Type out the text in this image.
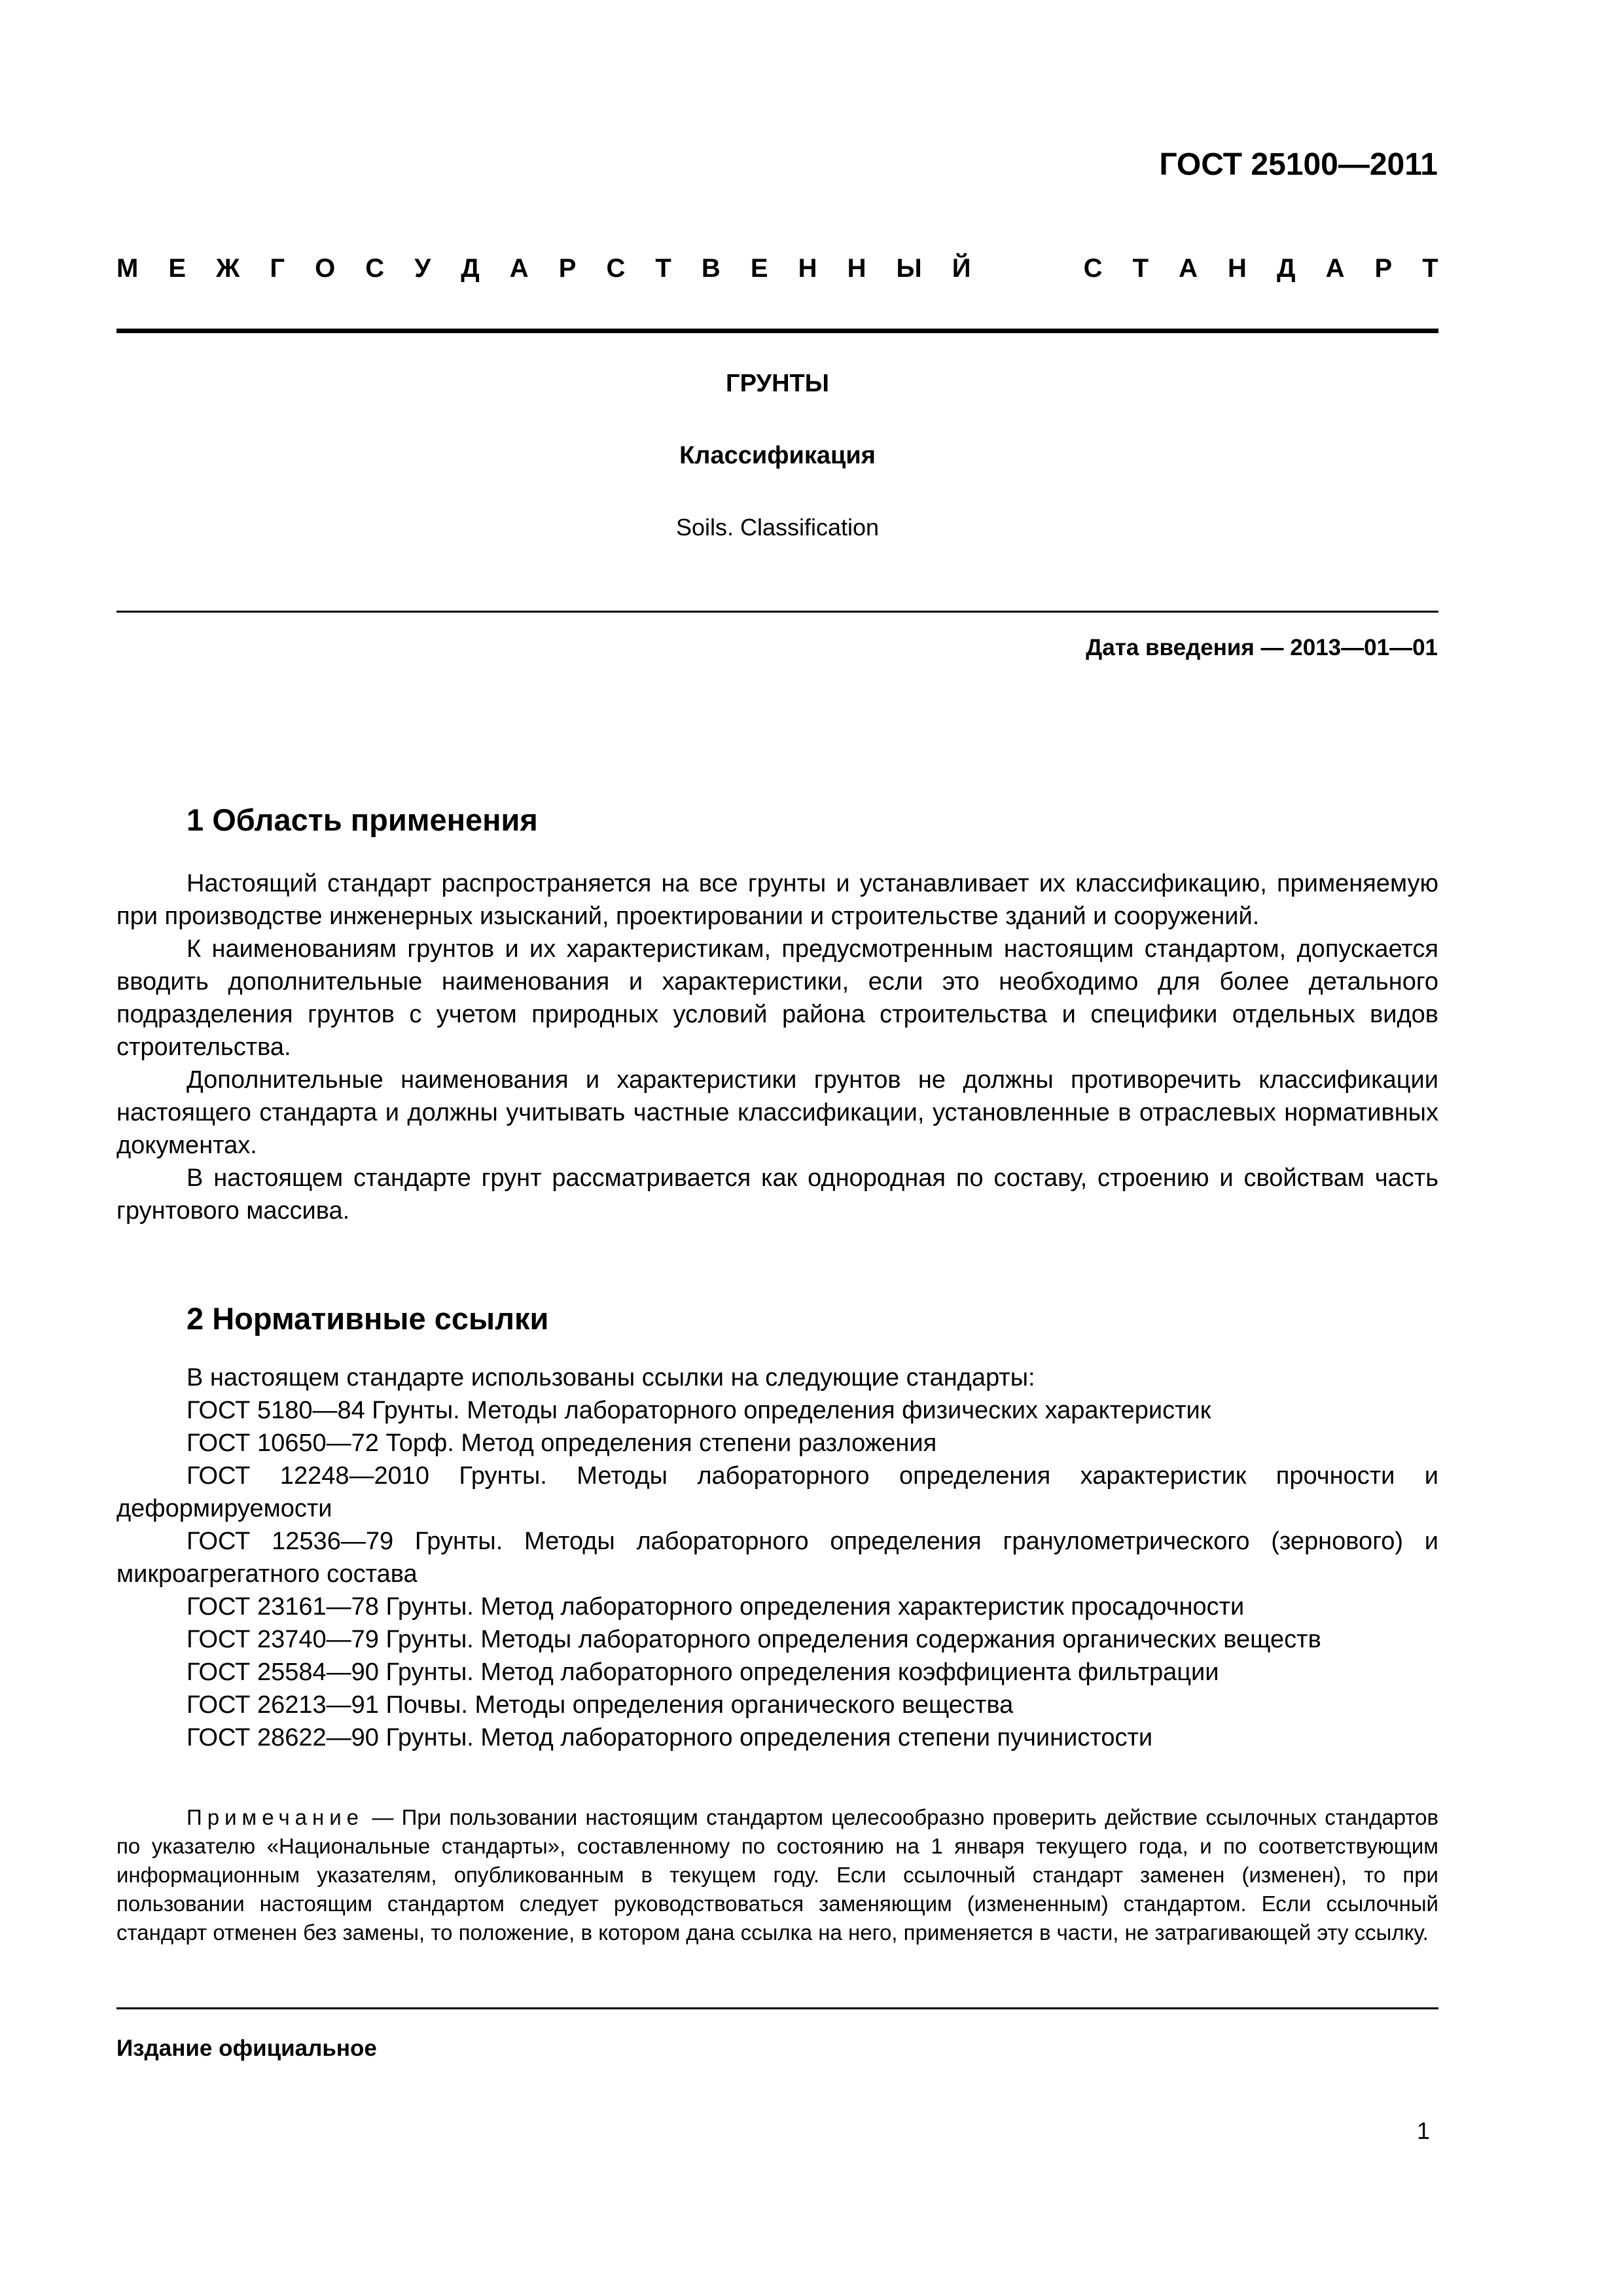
ГОСТ 25100—2011
М Е Ж Г О С У Д А Р С Т В Е Н Н Ы Й	С Т А Н Д А Р Т
ГРУНТЫ
Классификация
Soils. Classification
Дата введения — 2013—01—01
1 Область применения

Настоящий стандарт распространяется на все грунты и устанавливает их классификацию, применяемую при производстве инженерных изысканий, проектировании и строительстве зданий и сооружений.

К наименованиям грунтов и их характеристикам, предусмотренным настоящим стандартом, допускается вводить дополнительные наименования и характеристики, если это необходимо для более детального подразделения грунтов с учетом природных условий района строительства и специфики отдельных видов строительства.

Дополнительные наименования и характеристики грунтов не должны противоречить классификации настоящего стандарта и должны учитывать частные классификации, установленные в отраслевых нормативных документах.

В настоящем стандарте грунт рассматривается как однородная по составу, строению и свойствам часть грунтового массива.

2 Нормативные ссылки

В настоящем стандарте использованы ссылки на следующие стандарты:

ГОСТ 5180—84 Грунты. Методы лабораторного определения физических характеристик

ГОСТ 10650—72 Торф. Метод определения степени разложения

ГОСТ 12248—2010 Грунты. Методы лабораторного определения характеристик прочности и деформируемости

ГОСТ 12536—79 Грунты. Методы лабораторного определения гранулометрического (зернового) и микроагрегатного состава

ГОСТ 23161—78 Грунты. Метод лабораторного определения характеристик просадочности

ГОСТ 23740—79 Грунты. Методы лабораторного определения содержания органических веществ

ГОСТ 25584—90 Грунты. Метод лабораторного определения коэффициента фильтрации

ГОСТ 26213—91 Почвы. Методы определения органического вещества

ГОСТ 28622—90 Грунты. Метод лабораторного определения степени пучинистости

Примечание — При пользовании настоящим стандартом целесообразно проверить действие ссылочных стандартов по указателю «Национальные стандарты», составленному по состоянию на 1 января текущего года, и по соответствующим информационным указателям, опубликованным в текущем году. Если ссылочный стандарт заменен (изменен), то при пользовании настоящим стандартом следует руководствоваться заменяющим (измененным) стандартом. Если ссылочный стандарт отменен без замены, то положение, в котором дана ссылка на него, применяется в части, не затрагивающей эту ссылку.

Издание официальное
1
